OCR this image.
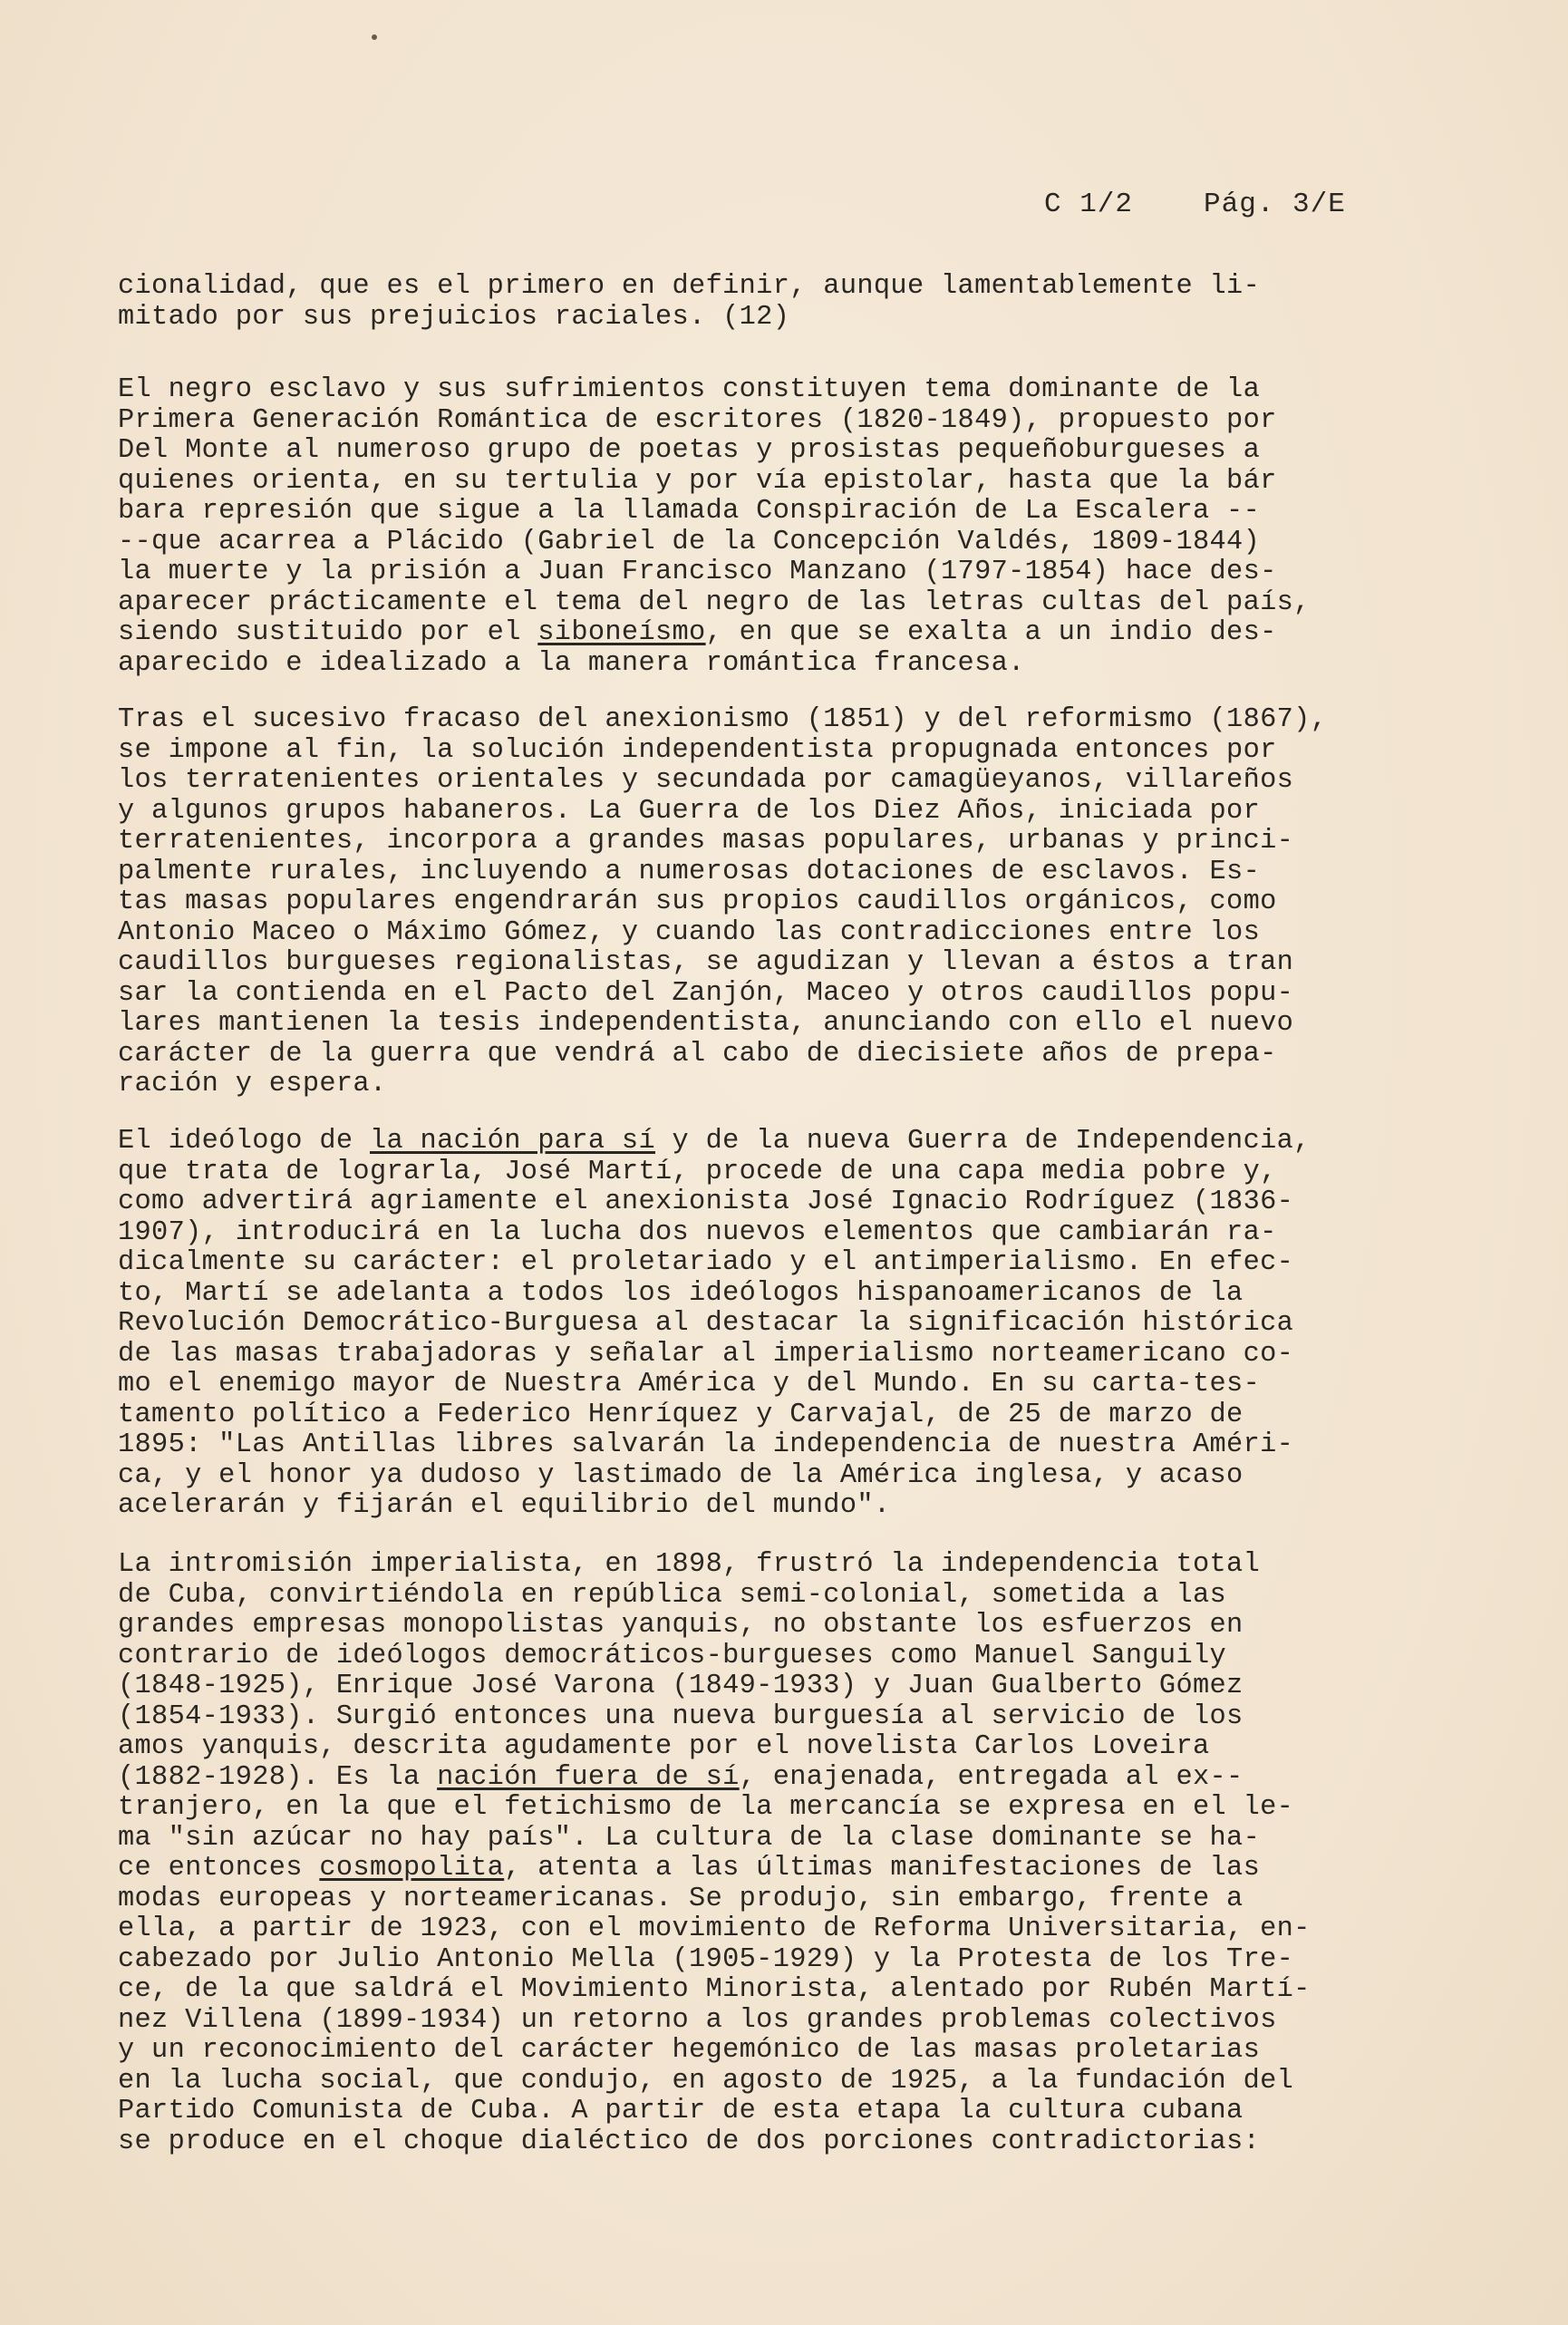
C 1/2	Pág. 3/E
cionalidad, que es el primero en definir, aunque lamentablemente li-
mitado por sus prejuicios raciales. (12)
El negro esclavo y sus sufrimientos constituyen tema dominante de la
Primera Generación Romántica de escritores (1820-1849), propuesto por
Del Monte al numeroso grupo de poetas y prosistas pequeñoburgueses a
quienes orienta, en su tertulia y por vía epistolar, hasta que la bár
bara represión que sigue a la llamada Conspiración de La Escalera --
--que acarrea a Plácido (Gabriel de la Concepción Valdés, 1809-1844)
la muerte y la prisión a Juan Francisco Manzano (1797-1854) hace des-
aparecer prácticamente el tema del negro de las letras cultas del país,
siendo sustituido por el siboneísmo, en que se exalta a un indio des-
aparecido e idealizado a la manera romántica francesa.
Tras el sucesivo fracaso del anexionismo (1851) y del reformismo (1867),
se impone al fin, la solución independentista propugnada entonces por
los terratenientes orientales y secundada por camagüeyanos, villareños
y algunos grupos habaneros. La Guerra de los Diez Años, iniciada por
terratenientes, incorpora a grandes masas populares, urbanas y princi-
palmente rurales, incluyendo a numerosas dotaciones de esclavos. Es-
tas masas populares engendrarán sus propios caudillos orgánicos, como
Antonio Maceo o Máximo Gómez, y cuando las contradicciones entre los
caudillos burgueses regionalistas, se agudizan y llevan a éstos a tran
sar la contienda en el Pacto del Zanjón, Maceo y otros caudillos popu-
lares mantienen la tesis independentista, anunciando con ello el nuevo
carácter de la guerra que vendrá al cabo de diecisiete años de prepa-
ración y espera.
El ideólogo de la nación para sí y de la nueva Guerra de Independencia,
que trata de lograrla, José Martí, procede de una capa media pobre y,
como advertirá agriamente el anexionista José Ignacio Rodríguez (1836-
1907), introducirá en la lucha dos nuevos elementos que cambiarán ra-
dicalmente su carácter: el proletariado y el antimperialismo. En efec-
to, Martí se adelanta a todos los ideólogos hispanoamericanos de la
Revolución Democrático-Burguesa al destacar la significación histórica
de las masas trabajadoras y señalar al imperialismo norteamericano co-
mo el enemigo mayor de Nuestra América y del Mundo. En su carta-tes-
tamento político a Federico Henríquez y Carvajal, de 25 de marzo de
1895: "Las Antillas libres salvarán la independencia de nuestra Améri-
ca, y el honor ya dudoso y lastimado de la América inglesa, y acaso
acelerarán y fijarán el equilibrio del mundo".
La intromisión imperialista, en 1898, frustró la independencia total
de Cuba, convirtiéndola en república semi-colonial, sometida a las
grandes empresas monopolistas yanquis, no obstante los esfuerzos en
contrario de ideólogos democráticos-burgueses como Manuel Sanguily
(1848-1925), Enrique José Varona (1849-1933) y Juan Gualberto Gómez
(1854-1933). Surgió entonces una nueva burguesía al servicio de los
amos yanquis, descrita agudamente por el novelista Carlos Loveira
(1882-1928). Es la nación fuera de sí, enajenada, entregada al ex--
tranjero, en la que el fetichismo de la mercancía se expresa en el le-
ma "sin azúcar no hay país". La cultura de la clase dominante se ha-
ce entonces cosmopolita, atenta a las últimas manifestaciones de las
modas europeas y norteamericanas. Se produjo, sin embargo, frente a
ella, a partir de 1923, con el movimiento de Reforma Universitaria, en-
cabezado por Julio Antonio Mella (1905-1929) y la Protesta de los Tre-
ce, de la que saldrá el Movimiento Minorista, alentado por Rubén Martí-
nez Villena (1899-1934) un retorno a los grandes problemas colectivos
y un reconocimiento del carácter hegemónico de las masas proletarias
en la lucha social, que condujo, en agosto de 1925, a la fundación del
Partido Comunista de Cuba. A partir de esta etapa la cultura cubana
se produce en el choque dialéctico de dos porciones contradictorias:
